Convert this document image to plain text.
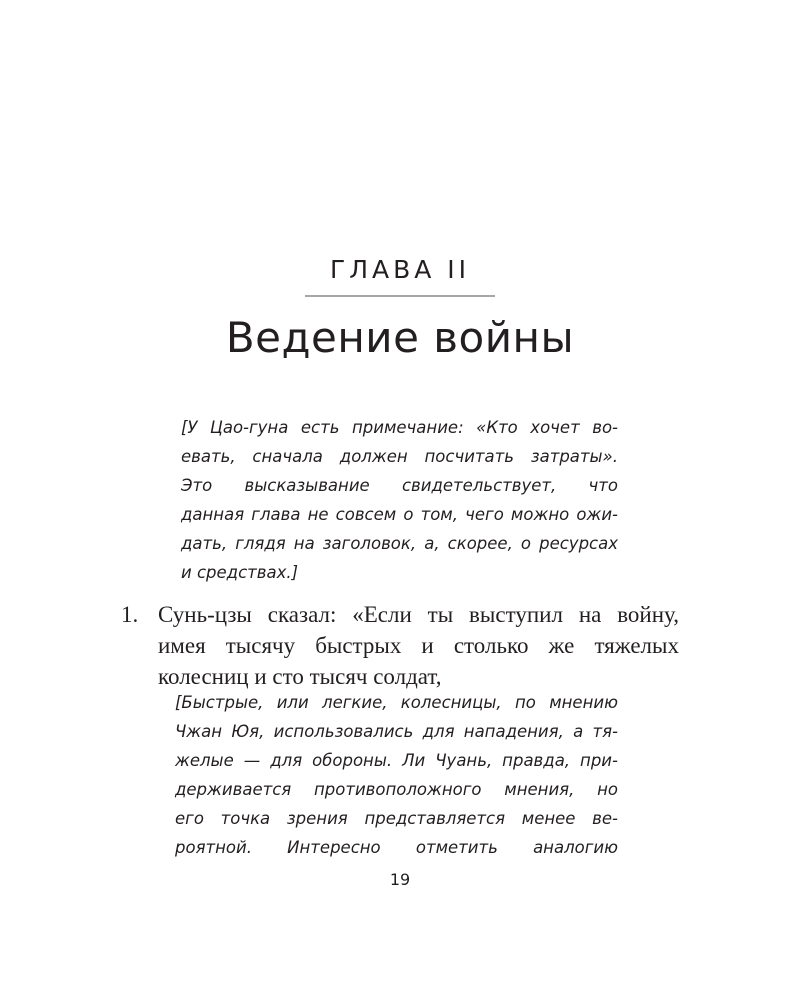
ГЛАВА II
Ведение войны
[У Цао-гуна есть примечание: «Кто хочет во-
евать, сначала должен посчитать затраты».
Это высказывание свидетельствует, что
данная глава не совсем о том, чего можно ожи-
дать, глядя на заголовок, а, скорее, о ресурсах
и средствах.]
1. Сунь-цзы сказал: «Если ты выступил на войну,
имея тысячу быстрых и столько же тяжелых
колесниц и сто тысяч солдат,
[Быстрые, или легкие, колесницы, по мнению
Чжан Юя, использовались для нападения, а тя-
желые — для обороны. Ли Чуань, правда, при-
держивается противоположного мнения, но
его точка зрения представляется менее ве-
роятной. Интересно отметить аналогию
19
